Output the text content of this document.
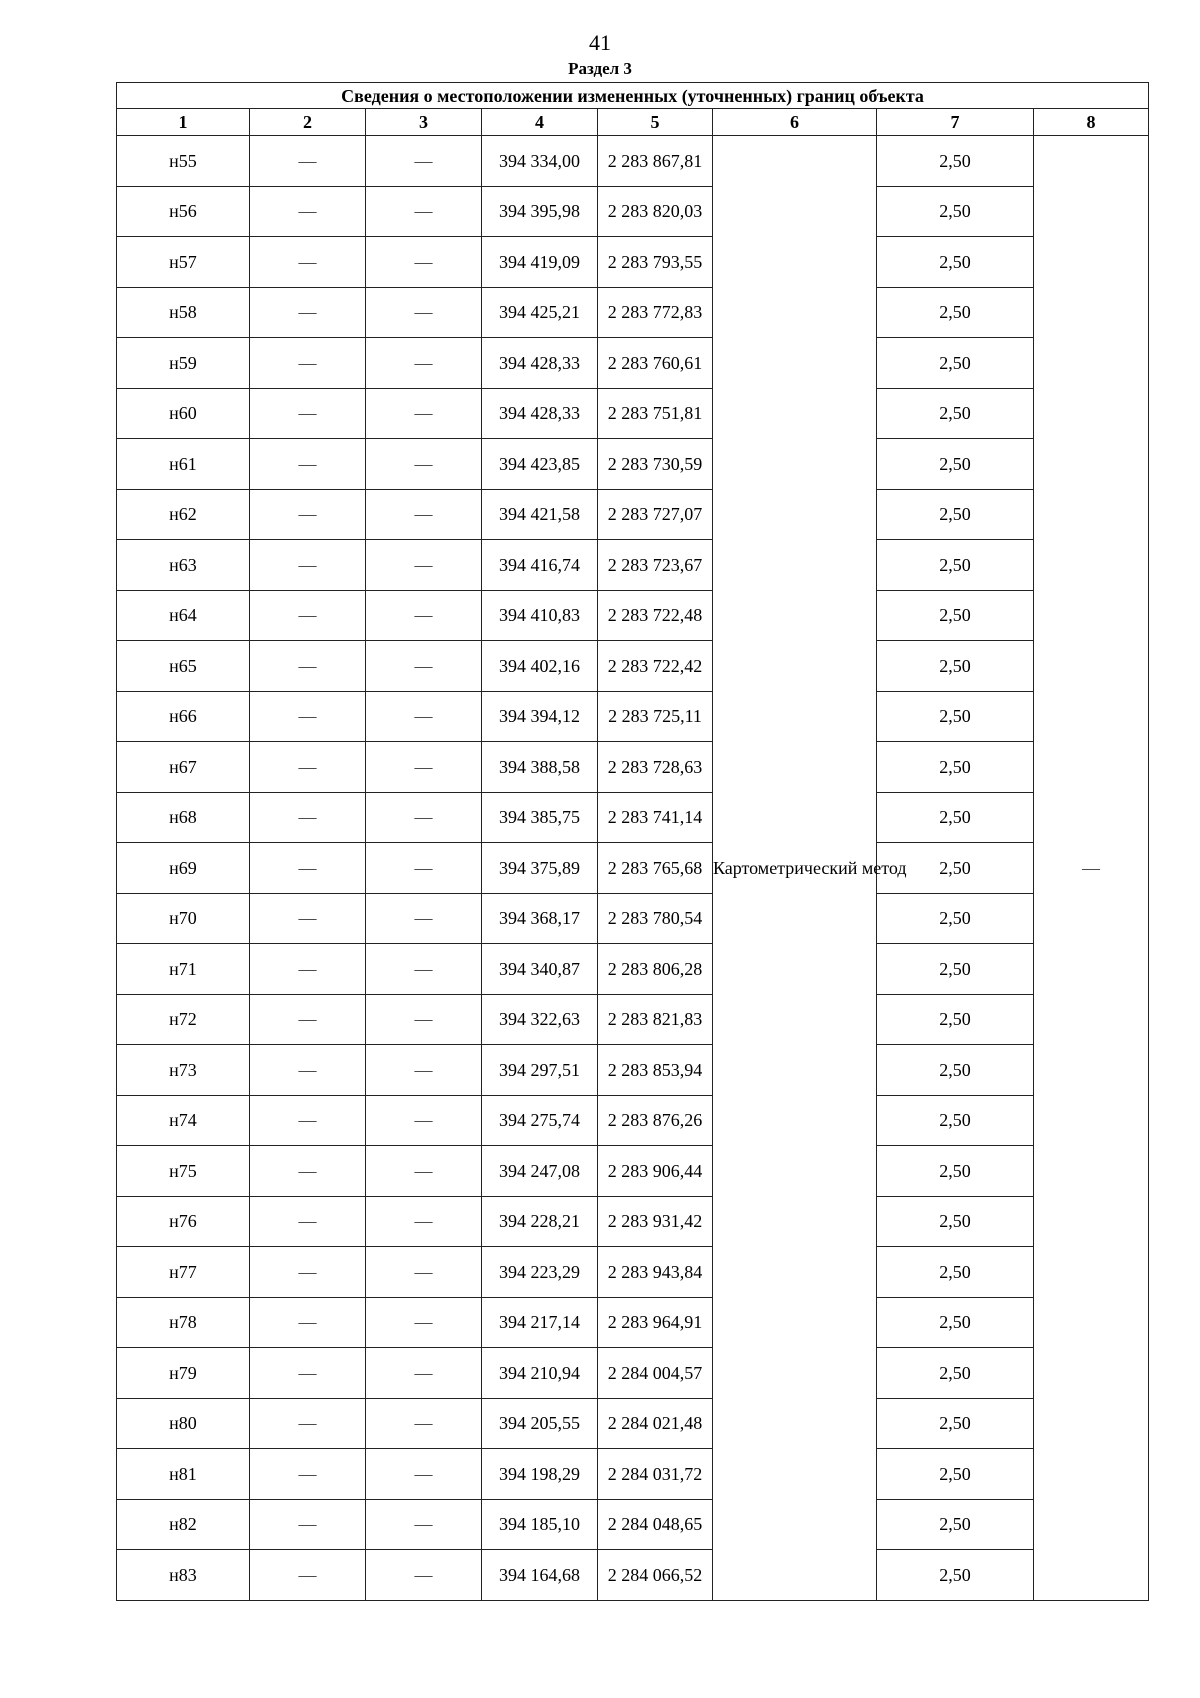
41
Раздел 3
Сведения о местоположении измененных (уточненных) границ объекта							
1	2	3	4	5	6	7	8
н55	—	—	394 334,00	2 283 867,81	Картометрический метод	2,50	—
н56	—	—	394 395,98	2 283 820,03		2,50	
н57	—	—	394 419,09	2 283 793,55		2,50	
н58	—	—	394 425,21	2 283 772,83		2,50	
н59	—	—	394 428,33	2 283 760,61		2,50	
н60	—	—	394 428,33	2 283 751,81		2,50	
н61	—	—	394 423,85	2 283 730,59		2,50	
н62	—	—	394 421,58	2 283 727,07		2,50	
н63	—	—	394 416,74	2 283 723,67		2,50	
н64	—	—	394 410,83	2 283 722,48		2,50	
н65	—	—	394 402,16	2 283 722,42		2,50	
н66	—	—	394 394,12	2 283 725,11		2,50	
н67	—	—	394 388,58	2 283 728,63		2,50	
н68	—	—	394 385,75	2 283 741,14		2,50	
н69	—	—	394 375,89	2 283 765,68		2,50	
н70	—	—	394 368,17	2 283 780,54		2,50	
н71	—	—	394 340,87	2 283 806,28		2,50	
н72	—	—	394 322,63	2 283 821,83		2,50	
н73	—	—	394 297,51	2 283 853,94		2,50	
н74	—	—	394 275,74	2 283 876,26		2,50	
н75	—	—	394 247,08	2 283 906,44		2,50	
н76	—	—	394 228,21	2 283 931,42		2,50	
н77	—	—	394 223,29	2 283 943,84		2,50	
н78	—	—	394 217,14	2 283 964,91		2,50	
н79	—	—	394 210,94	2 284 004,57		2,50	
н80	—	—	394 205,55	2 284 021,48		2,50	
н81	—	—	394 198,29	2 284 031,72		2,50	
н82	—	—	394 185,10	2 284 048,65		2,50	
н83	—	—	394 164,68	2 284 066,52		2,50	
